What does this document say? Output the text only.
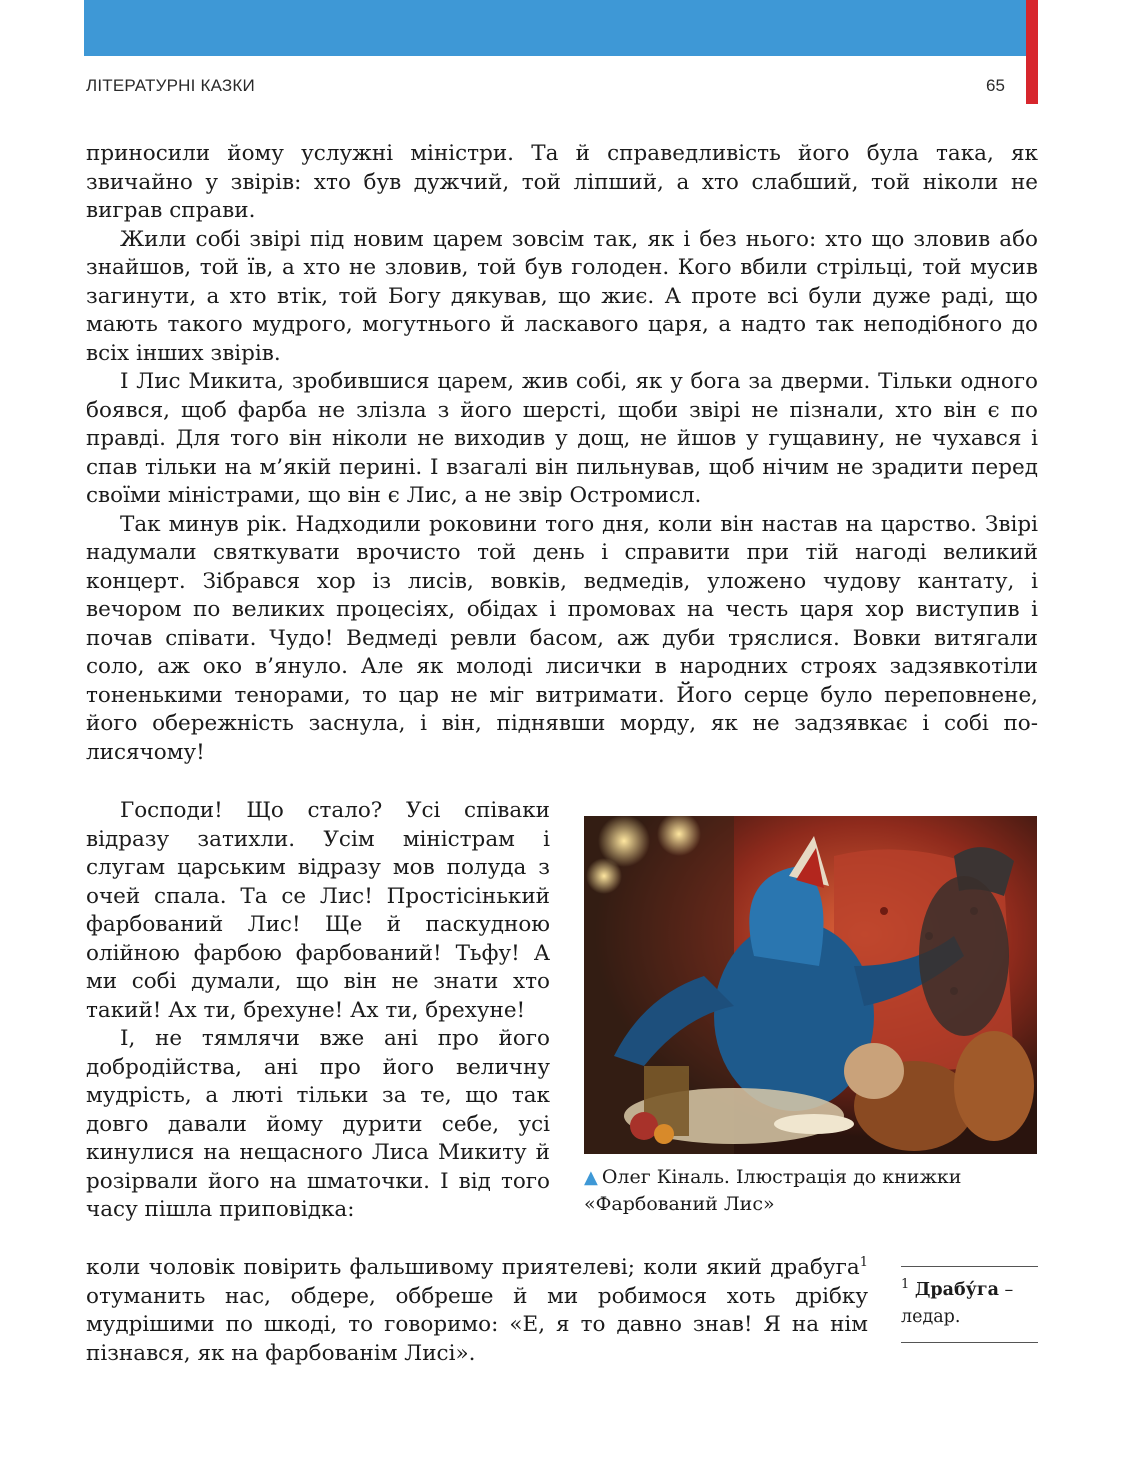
ЛІТЕРАТУРНІ КАЗКИ	65

приносили йому услужні міністри. Та й справедливість його була така, як звичайно у звірів: хто був дужчий, той ліпший, а хто слабший, той ніколи не виграв справи.

Жили собі звірі під новим царем зовсім так, як і без нього: хто що зловив або знайшов, той їв, а хто не зловив, той був голоден. Кого вбили стрільці, той мусив загинути, а хто втік, той Богу дякував, що жиє. А проте всі були дуже раді, що мають такого мудрого, могутнього й ласкавого царя, а надто так неподібного до всіх інших звірів.

І Лис Микита, зробившися царем, жив собі, як у бога за дверми. Тільки одного боявся, щоб фарба не злізла з його шерсті, щоби звірі не пізнали, хто він є по правді. Для того він ніколи не виходив у дощ, не йшов у гущавину, не чухався і спав тільки на м’якій перині. І взагалі він пильнував, щоб нічим не зрадити перед своїми міністрами, що він є Лис, а не звір Остромисл.

Так минув рік. Надходили роковини того дня, коли він настав на царство. Звірі надумали святкувати врочисто той день і справити при тій нагоді великий концерт. Зібрався хор із лисів, вовків, ведмедів, уложено чудову кантату, і вечором по великих процесіях, обідах і промовах на честь царя хор виступив і почав співати. Чудо! Ведмеді ревли басом, аж дуби тряслися. Вовки витягали соло, аж око в’януло. Але як молоді лисички в народних строях задзявкотіли тоненькими тенорами, то цар не міг витримати. Його серце було переповнене, його обережність заснула, і він, піднявши морду, як не задзявкає і собі по-лисячому!

Господи! Що стало? Усі співаки відразу затихли. Усім міністрам і слугам царським відразу мов полуда з очей спала. Та се Лис! Простісінький фарбований Лис! Ще й паскудною олійною фарбою фарбований! Тьфу! А ми собі думали, що він не знати хто такий! Ах ти, брехуне! Ах ти, брехуне!

І, не тямлячи вже ані про його добродійства, ані про його величну мудрість, а люті тільки за те, що так довго давали йому дурити себе, усі кинулися на нещасного Лиса Микиту й розірвали його на шматочки. І від того часу пішла приповідка:

▲ Олег Кіналь. Ілюстрація до книжки «Фарбований Лис»

коли чоловік повірить фальшивому приятелеві; коли який драбуга$^1$ отуманить нас, обдере, оббреше й ми робимося хоть дрібку мудрішими по шкоді, то говоримо: «Е, я то давно знав! Я на нім пізнався, як на фарбованім Лисі».

$^1$ Драбу́га – ледар.
